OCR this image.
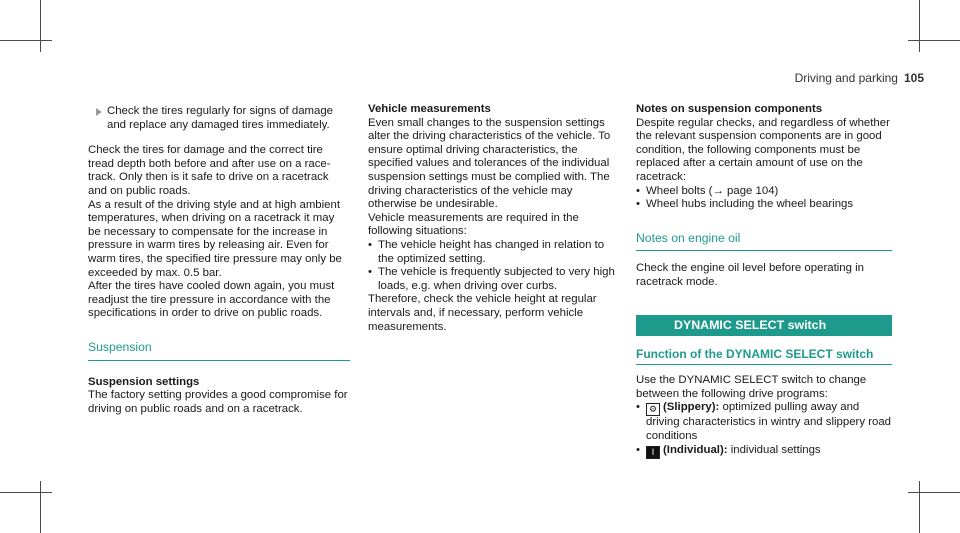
Driving and parking 105
Check the tires regularly for signs of damage and replace any damaged tires immediately.

Check the tires for damage and the correct tire tread depth both before and after use on a race-track. Only then is it safe to drive on a racetrack and on public roads.

As a result of the driving style and at high ambient temperatures, when driving on a racetrack it may be necessary to compensate for the increase in pressure in warm tires by releasing air. Even for warm tires, the specified tire pressure may only be exceeded by max. 0.5 bar.

After the tires have cooled down again, you must readjust the tire pressure in accordance with the specifications in order to drive on public roads.

Suspension

Suspension settings

The factory setting provides a good compromise for driving on public roads and on a racetrack.

Vehicle measurements

Even small changes to the suspension settings alter the driving characteristics of the vehicle. To ensure optimal driving characteristics, the specified values and tolerances of the individual suspension settings must be complied with. The driving characteristics of the vehicle may otherwise be undesirable.

Vehicle measurements are required in the following situations:

• The vehicle height has changed in relation to the optimized setting.
• The vehicle is frequently subjected to very high loads, e.g. when driving over curbs.

Therefore, check the vehicle height at regular intervals and, if necessary, perform vehicle measurements.

Notes on suspension components

Despite regular checks, and regardless of whether the relevant suspension components are in good condition, the following components must be replaced after a certain amount of use on the racetrack:

• Wheel bolts (→ page 104)
• Wheel hubs including the wheel bearings
Notes on engine oil

Check the engine oil level before operating in racetrack mode.

DYNAMIC SELECT switch
Function of the DYNAMIC SELECT switch

Use the DYNAMIC SELECT switch to change between the following drive programs:

• ⚙ (Slippery): optimized pulling away and driving characteristics in wintry and slippery road conditions
• I (Individual): individual settings
